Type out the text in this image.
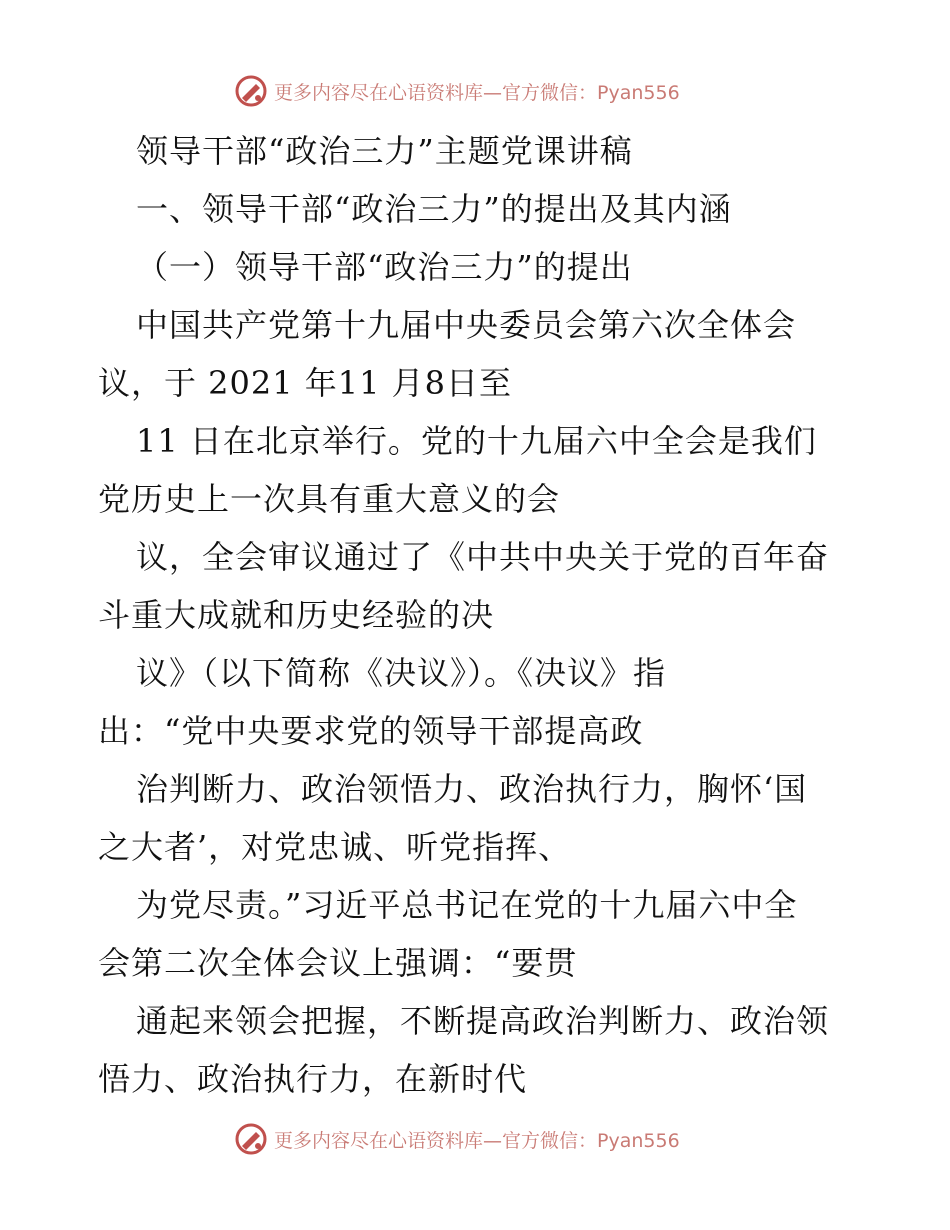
更多内容尽在心语资料库—官方微信：Pyan556
领导干部“政治三力”主题党课讲稿
一、领导干部“政治三力”的提出及其内涵
（一）领导干部“政治三力”的提出
中国共产党第十九届中央委员会第六次全体会
议，于 2021 年11 月8日至
11 日在北京举行。党的十九届六中全会是我们
党历史上一次具有重大意义的会
议，全会审议通过了《中共中央关于党的百年奋
斗重大成就和历史经验的决
议》（以下简称《决议》）。《决议》指
出：“党中央要求党的领导干部提高政
治判断力、政治领悟力、政治执行力，胸怀‘国
之大者’，对党忠诚、听党指挥、
为党尽责。”习近平总书记在党的十九届六中全
会第二次全体会议上强调：“要贯
通起来领会把握，不断提高政治判断力、政治领
悟力、政治执行力，在新时代
更多内容尽在心语资料库—官方微信：Pyan556
